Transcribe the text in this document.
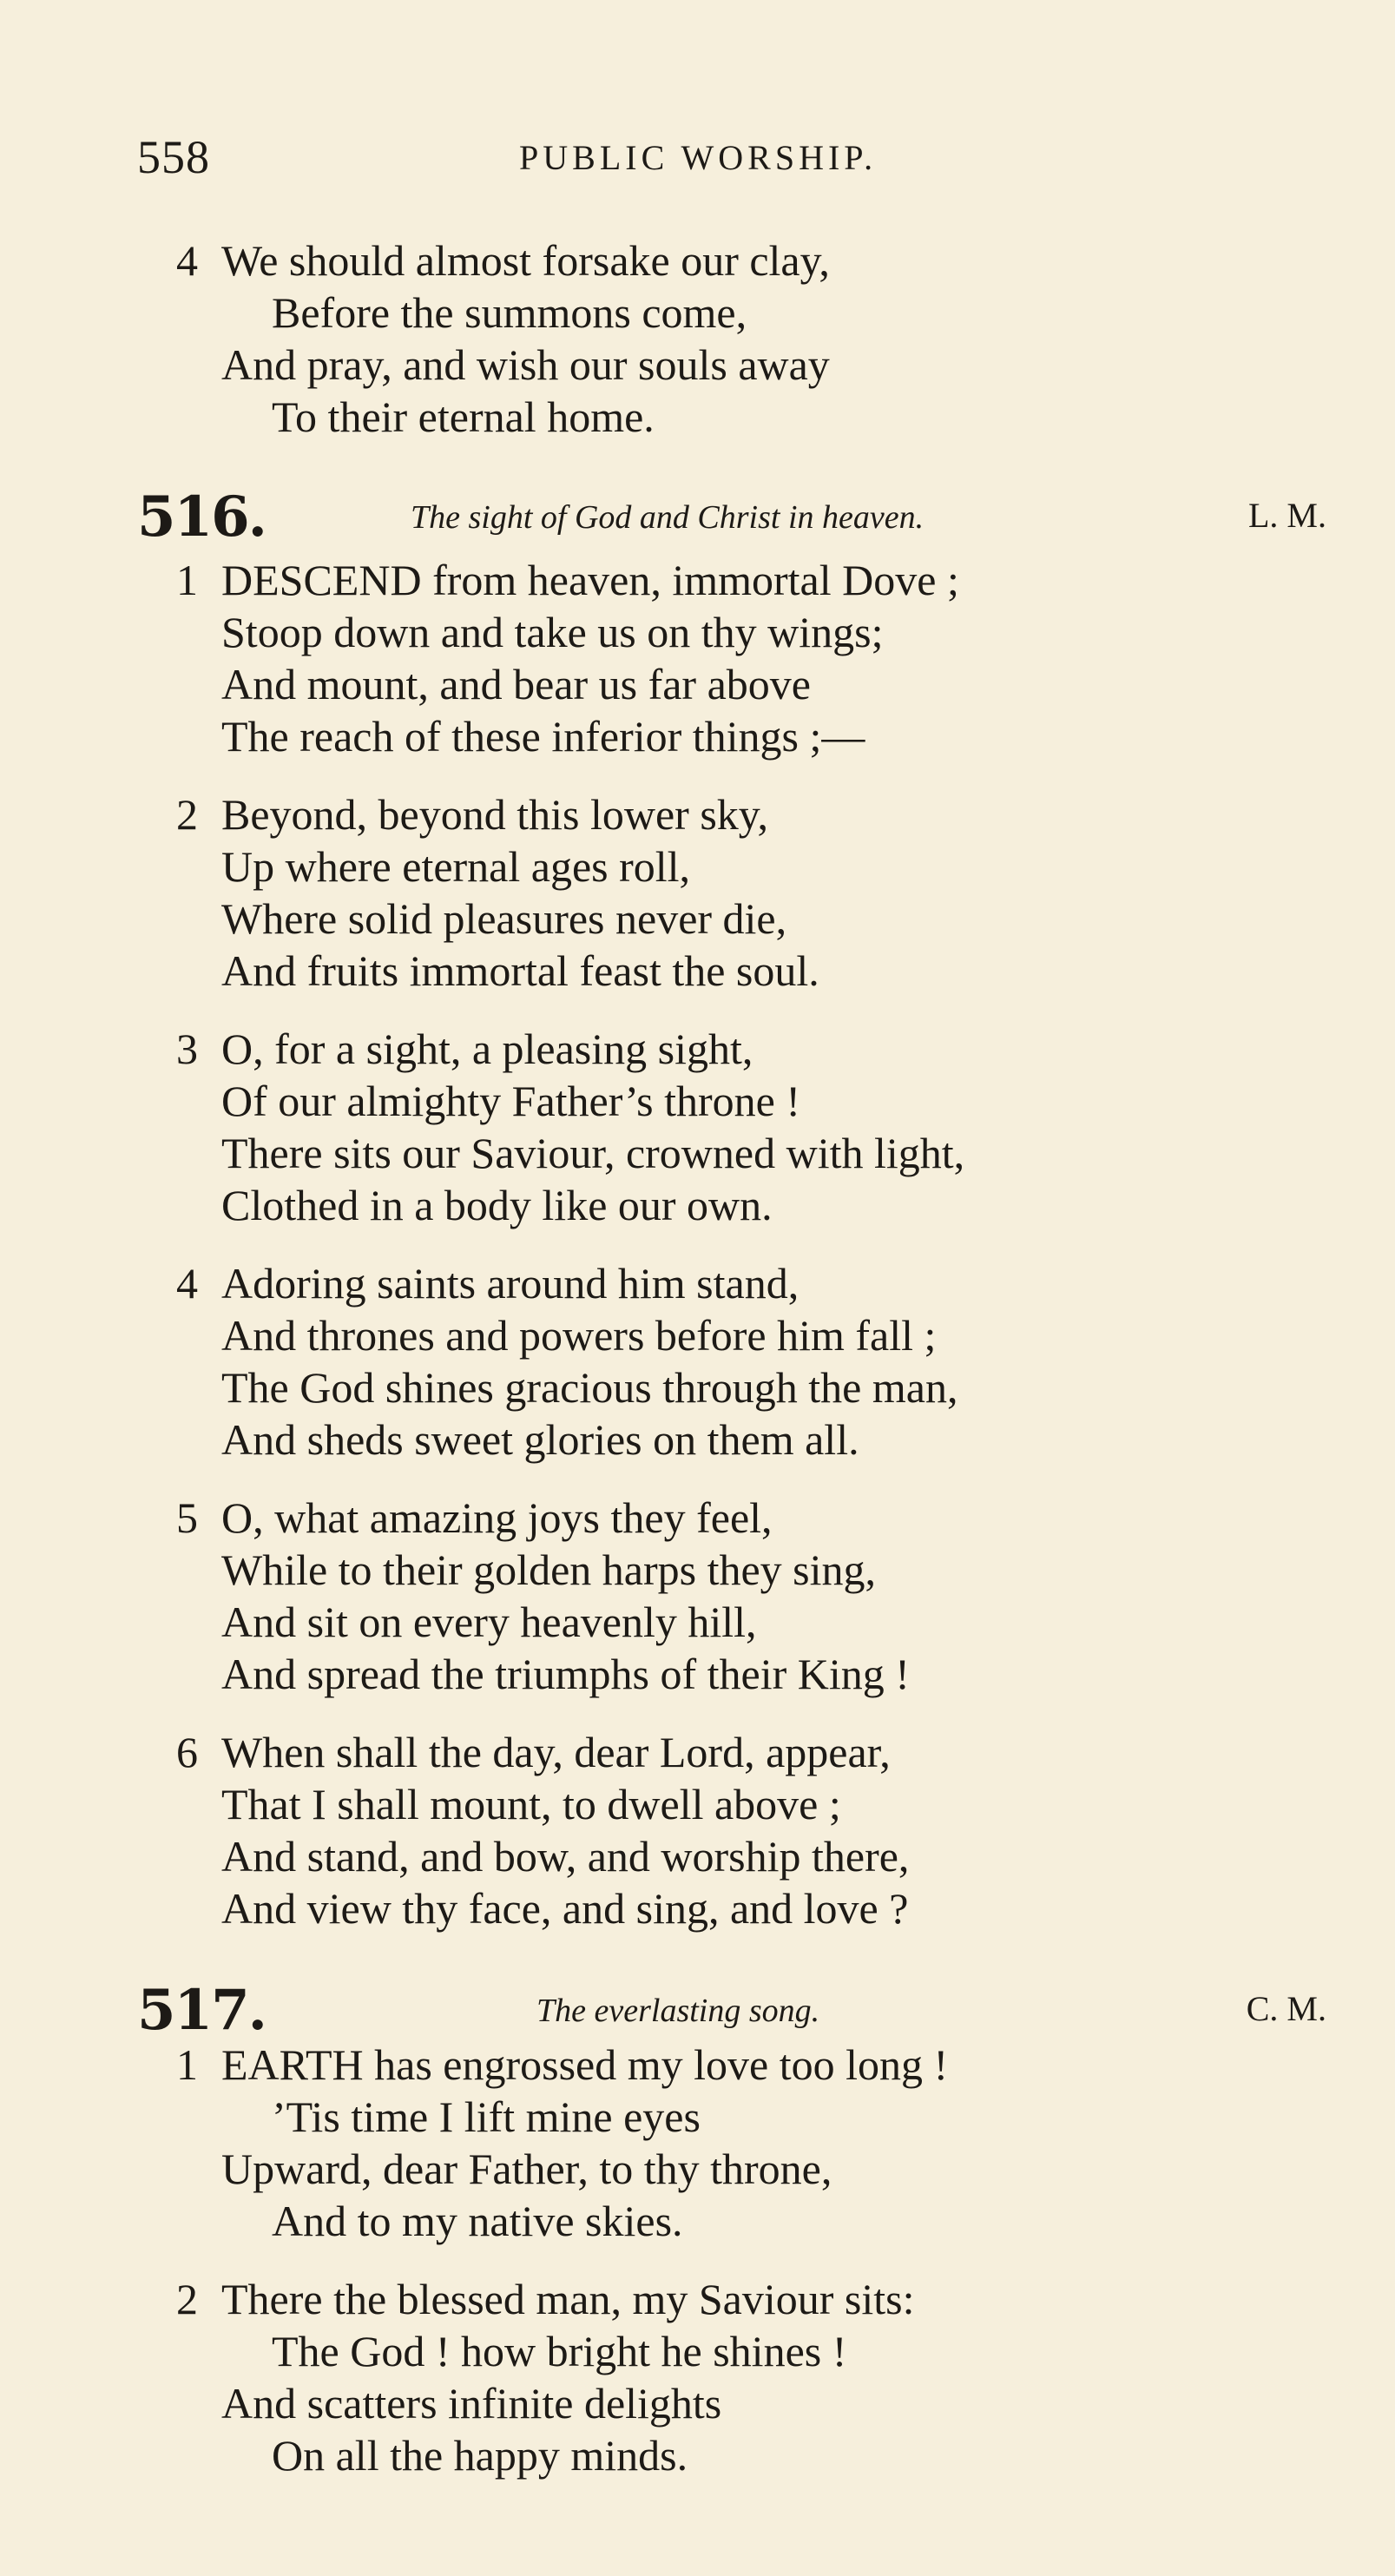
558	PUBLIC WORSHIP.
4 We should almost forsake our clay,
Before the summons come,
And pray, and wish our souls away
To their eternal home.
516.	The sight of God and Christ in heaven.	L. M.
1 DESCEND from heaven, immortal Dove ;
Stoop down and take us on thy wings;
And mount, and bear us far above
The reach of these inferior things ;—
2 Beyond, beyond this lower sky,
Up where eternal ages roll,
Where solid pleasures never die,
And fruits immortal feast the soul.
3 O, for a sight, a pleasing sight,
Of our almighty Father’s throne !
There sits our Saviour, crowned with light,
Clothed in a body like our own.
4 Adoring saints around him stand,
And thrones and powers before him fall ;
The God shines gracious through the man,
And sheds sweet glories on them all.
5 O, what amazing joys they feel,
While to their golden harps they sing,
And sit on every heavenly hill,
And spread the triumphs of their King !
6 When shall the day, dear Lord, appear,
That I shall mount, to dwell above ;
And stand, and bow, and worship there,
And view thy face, and sing, and love ?
517.	The everlasting song.	C. M.
1 EARTH has engrossed my love too long !
’Tis time I lift mine eyes
Upward, dear Father, to thy throne,
And to my native skies.
2 There the blessed man, my Saviour sits:
The God ! how bright he shines !
And scatters infinite delights
On all the happy minds.
